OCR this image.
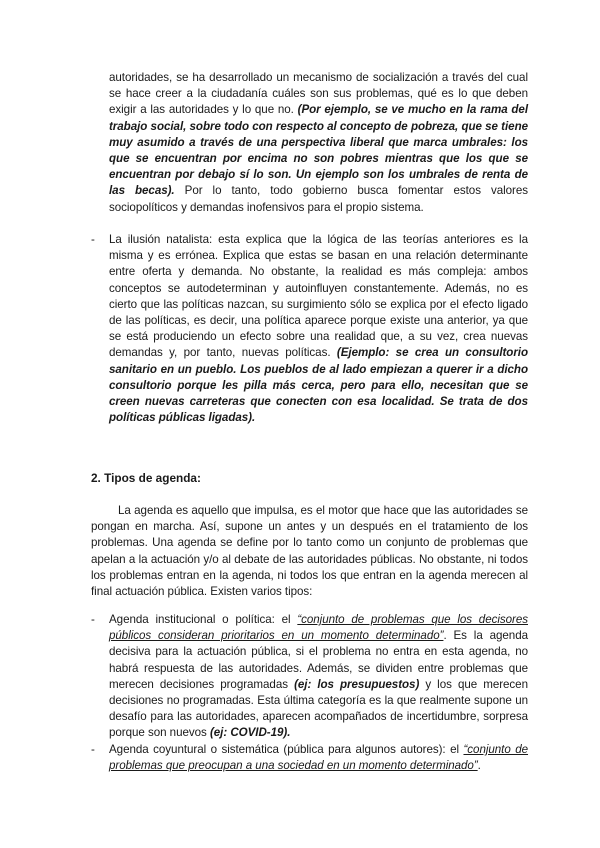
autoridades, se ha desarrollado un mecanismo de socialización a través del cual se hace creer a la ciudadanía cuáles son sus problemas, qué es lo que deben exigir a las autoridades y lo que no. (Por ejemplo, se ve mucho en la rama del trabajo social, sobre todo con respecto al concepto de pobreza, que se tiene muy asumido a través de una perspectiva liberal que marca umbrales: los que se encuentran por encima no son pobres mientras que los que se encuentran por debajo sí lo son. Un ejemplo son los umbrales de renta de las becas). Por lo tanto, todo gobierno busca fomentar estos valores sociopolíticos y demandas inofensivos para el propio sistema.
-	La ilusión natalista: esta explica que la lógica de las teorías anteriores es la misma y es errónea. Explica que estas se basan en una relación determinante entre oferta y demanda. No obstante, la realidad es más compleja: ambos conceptos se autodeterminan y autoinfluyen constantemente. Además, no es cierto que las políticas nazcan, su surgimiento sólo se explica por el efecto ligado de las políticas, es decir, una política aparece porque existe una anterior, ya que se está produciendo un efecto sobre una realidad que, a su vez, crea nuevas demandas y, por tanto, nuevas políticas. (Ejemplo: se crea un consultorio sanitario en un pueblo. Los pueblos de al lado empiezan a querer ir a dicho consultorio porque les pilla más cerca, pero para ello, necesitan que se creen nuevas carreteras que conecten con esa localidad. Se trata de dos políticas públicas ligadas).
2. Tipos de agenda:
La agenda es aquello que impulsa, es el motor que hace que las autoridades se pongan en marcha. Así, supone un antes y un después en el tratamiento de los problemas. Una agenda se define por lo tanto como un conjunto de problemas que apelan a la actuación y/o al debate de las autoridades públicas. No obstante, ni todos los problemas entran en la agenda, ni todos los que entran en la agenda merecen al final actuación pública. Existen varios tipos:
-	Agenda institucional o política: el “conjunto de problemas que los decisores públicos consideran prioritarios en un momento determinado”. Es la agenda decisiva para la actuación pública, si el problema no entra en esta agenda, no habrá respuesta de las autoridades. Además, se dividen entre problemas que merecen decisiones programadas (ej: los presupuestos) y los que merecen decisiones no programadas. Esta última categoría es la que realmente supone un desafío para las autoridades, aparecen acompañados de incertidumbre, sorpresa porque son nuevos (ej: COVID-19).
-	Agenda coyuntural o sistemática (pública para algunos autores): el “conjunto de problemas que preocupan a una sociedad en un momento determinado”.
